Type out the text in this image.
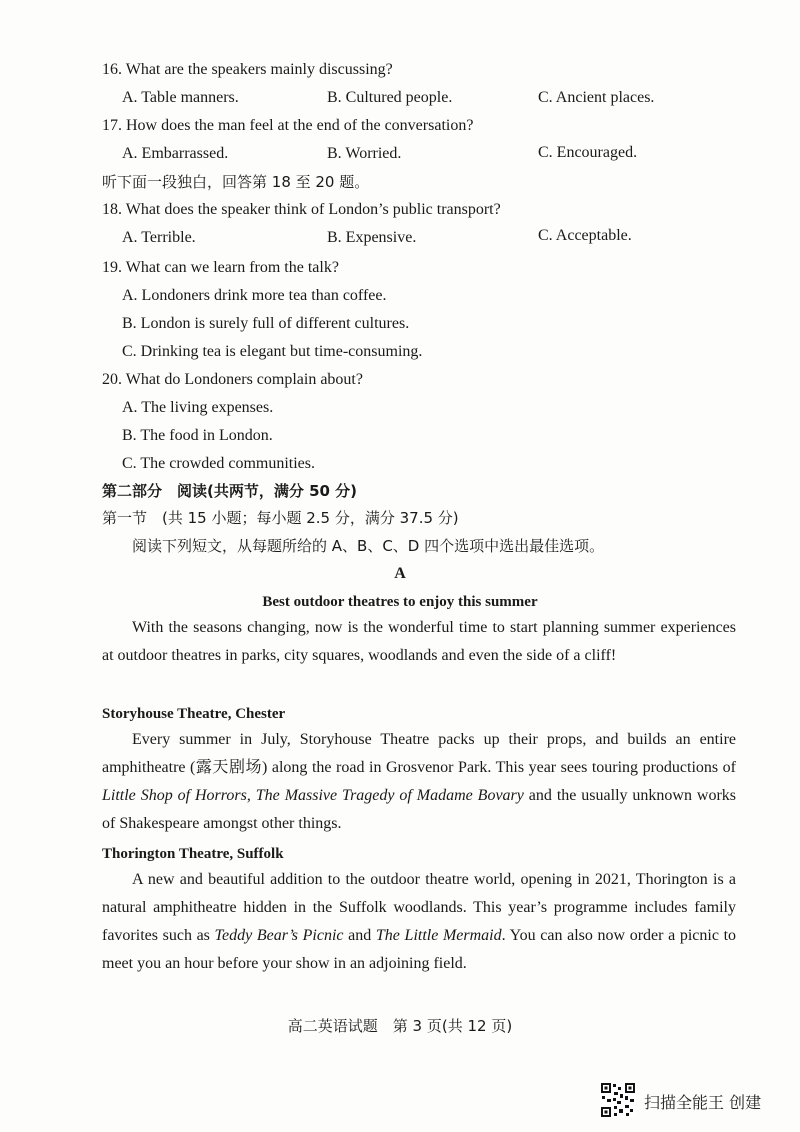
16. What are the speakers mainly discussing?
A. Table manners.	B. Cultured people.	C. Ancient places.
17. How does the man feel at the end of the conversation?
A. Embarrassed.	B. Worried.	C. Encouraged.
听下面一段独白，回答第 18 至 20 题。
18. What does the speaker think of London’s public transport?
A. Terrible.	B. Expensive.	C. Acceptable.
19. What can we learn from the talk?
A. Londoners drink more tea than coffee.
B. London is surely full of different cultures.
C. Drinking tea is elegant but time-consuming.
20. What do Londoners complain about?
A. The living expenses.
B. The food in London.
C. The crowded communities.
第二部分　阅读(共两节，满分 50 分)
第一节　(共 15 小题；每小题 2.5 分，满分 37.5 分)
阅读下列短文，从每题所给的 A、B、C、D 四个选项中选出最佳选项。
A
Best outdoor theatres to enjoy this summer
With the seasons changing, now is the wonderful time to start planning summer experiences at outdoor theatres in parks, city squares, woodlands and even the side of a cliff!
Storyhouse Theatre, Chester
Every summer in July, Storyhouse Theatre packs up their props, and builds an entire amphitheatre (露天剧场) along the road in Grosvenor Park. This year sees touring productions of Little Shop of Horrors, The Massive Tragedy of Madame Bovary and the usually unknown works of Shakespeare amongst other things.
Thorington Theatre, Suffolk
A new and beautiful addition to the outdoor theatre world, opening in 2021, Thorington is a natural amphitheatre hidden in the Suffolk woodlands. This year’s programme includes family favorites such as Teddy Bear’s Picnic and The Little Mermaid. You can also now order a picnic to meet you an hour before your show in an adjoining field.
高二英语试题　第 3 页(共 12 页)
扫描全能王 创建
